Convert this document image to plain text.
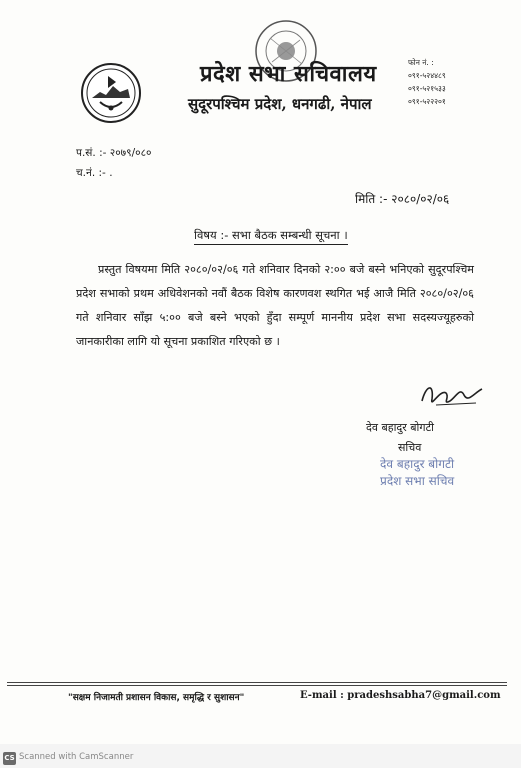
प्रदेश सभा सचिवालय
सुदूरपश्चिम प्रदेश, धनगढी, नेपाल
फोन नं. :
०९१-५२४४८९
०९१-५२१५३३
०९१-५२२२०१
प.सं. :- २०७९/०८०
च.नं. :- .
मिति :- २०८०/०२/०६
विषय :- सभा बैठक सम्बन्धी सूचना ।
प्रस्तुत विषयमा मिति २०८०/०२/०६ गते शनिवार दिनको २:०० बजे बस्ने भनिएको सुदूरपश्चिम प्रदेश सभाको प्रथम अधिवेशनको नवौं बैठक विशेष कारणवश स्थगित भई आजै मिति २०८०/०२/०६ गते शनिवार साँझ ५:०० बजे बस्ने भएको हुँदा सम्पूर्ण माननीय प्रदेश सभा सदस्यज्यूहरुको जानकारीका लागि यो सूचना प्रकाशित गरिएको छ ।
देव बहादुर बोगटी
सचिव
देव बहादुर बोगटी
प्रदेश सभा सचिव
"सक्षम निजामती प्रशासन विकास, समृद्धि र सुशासन"	E-mail : pradeshsabha7@gmail.com
CS Scanned with CamScanner
